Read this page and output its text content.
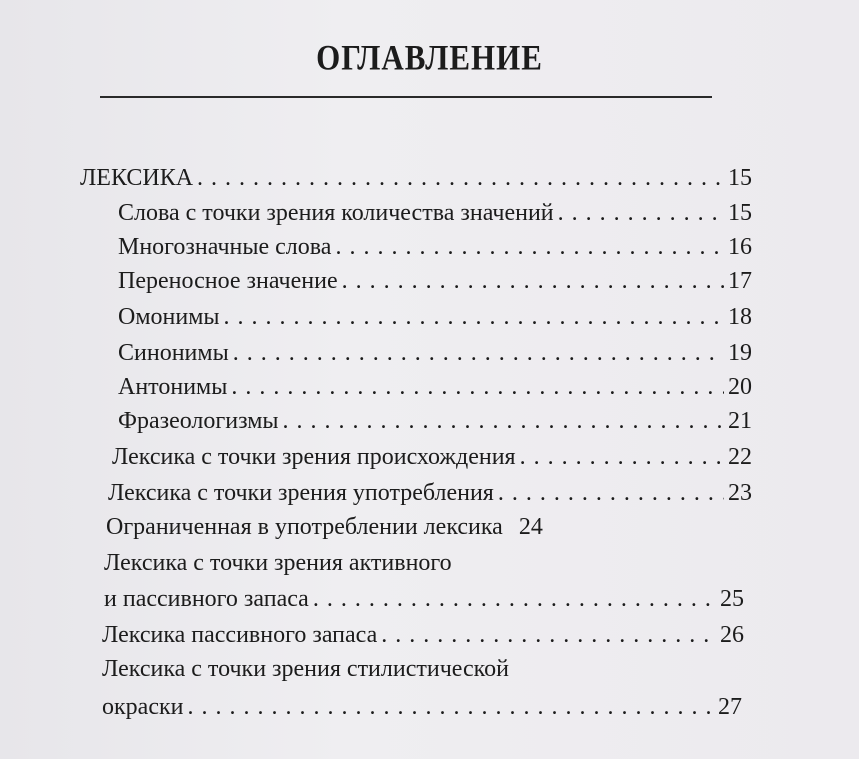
ОГЛАВЛЕНИЕ
ЛЕКСИКА . . .	15
Слова с точки зрения количества значений . . .	15
Многозначные слова . . .	16
Переносное значение . . .	17
Омонимы . . .	18
Синонимы . . .	19
Антонимы . . .	20
Фразеологизмы . . .	21
Лексика с точки зрения происхождения . . .	22
Лексика с точки зрения употребления . . .	23
Ограниченная в употреблении лексика 24
Лексика с точки зрения активного
и пассивного запаса . . .	25
Лексика пассивного запаса . . .	26
Лексика с точки зрения стилистической
окраски . . .	27
